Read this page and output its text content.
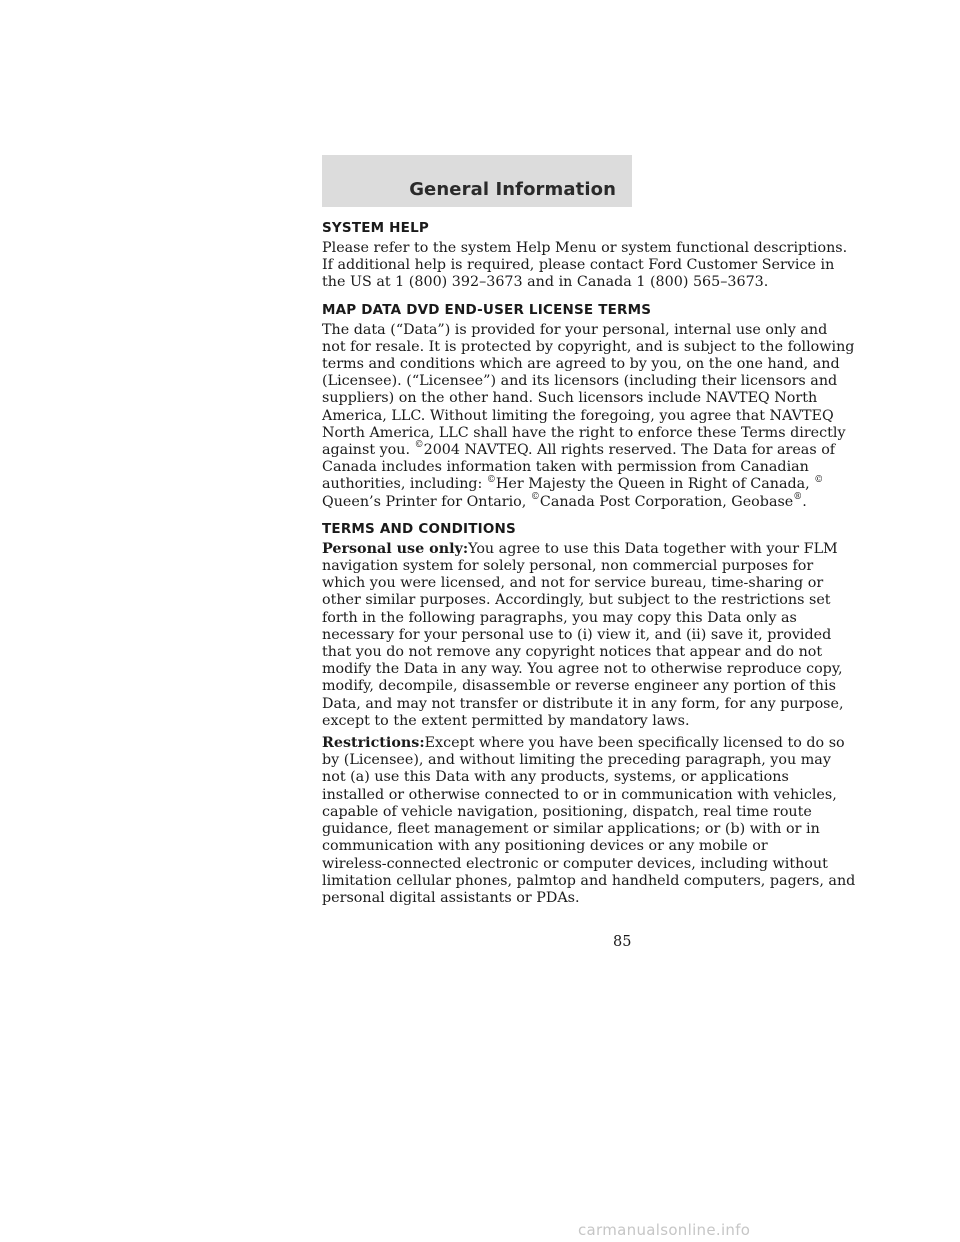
General Information
SYSTEM HELP

Please refer to the system Help Menu or system functional descriptions.
If additional help is required, please contact Ford Customer Service in
the US at 1 (800) 392–3673 and in Canada 1 (800) 565–3673.

MAP DATA DVD END-USER LICENSE TERMS

The data (“Data”) is provided for your personal, internal use only and
not for resale. It is protected by copyright, and is subject to the following
terms and conditions which are agreed to by you, on the one hand, and
(Licensee). (“Licensee”) and its licensors (including their licensors and
suppliers) on the other hand. Such licensors include NAVTEQ North
America, LLC. Without limiting the foregoing, you agree that NAVTEQ
North America, LLC shall have the right to enforce these Terms directly
against you. ©2004 NAVTEQ. All rights reserved. The Data for areas of
Canada includes information taken with permission from Canadian
authorities, including: ©Her Majesty the Queen in Right of Canada, ©
Queen’s Printer for Ontario, ©Canada Post Corporation, Geobase®.

TERMS AND CONDITIONS

Personal use only:You agree to use this Data together with your FLM
navigation system for solely personal, non commercial purposes for
which you were licensed, and not for service bureau, time-sharing or
other similar purposes. Accordingly, but subject to the restrictions set
forth in the following paragraphs, you may copy this Data only as
necessary for your personal use to (i) view it, and (ii) save it, provided
that you do not remove any copyright notices that appear and do not
modify the Data in any way. You agree not to otherwise reproduce copy,
modify, decompile, disassemble or reverse engineer any portion of this
Data, and may not transfer or distribute it in any form, for any purpose,
except to the extent permitted by mandatory laws.

Restrictions:Except where you have been specifically licensed to do so
by (Licensee), and without limiting the preceding paragraph, you may
not (a) use this Data with any products, systems, or applications
installed or otherwise connected to or in communication with vehicles,
capable of vehicle navigation, positioning, dispatch, real time route
guidance, fleet management or similar applications; or (b) with or in
communication with any positioning devices or any mobile or
wireless-connected electronic or computer devices, including without
limitation cellular phones, palmtop and handheld computers, pagers, and
personal digital assistants or PDAs.

85
carmanualsonline.info
